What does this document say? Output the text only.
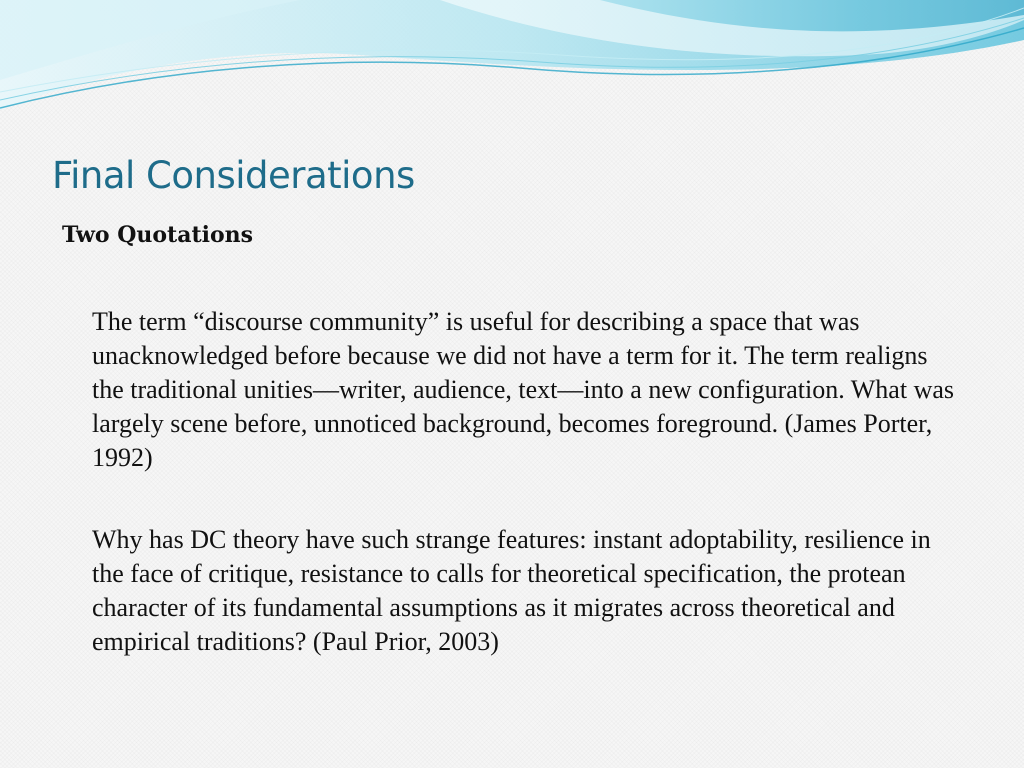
Final Considerations
Two Quotations

The term “discourse community” is useful for describing a space that was unacknowledged before because we did not have a term for it. The term realigns the traditional unities—writer, audience, text—into a new configuration. What was largely scene before, unnoticed background, becomes foreground. (James Porter, 1992)

Why has DC theory have such strange features: instant adoptability, resilience in the face of critique, resistance to calls for theoretical specification, the protean character of its fundamental assumptions as it migrates across theoretical and empirical traditions? (Paul Prior, 2003)
